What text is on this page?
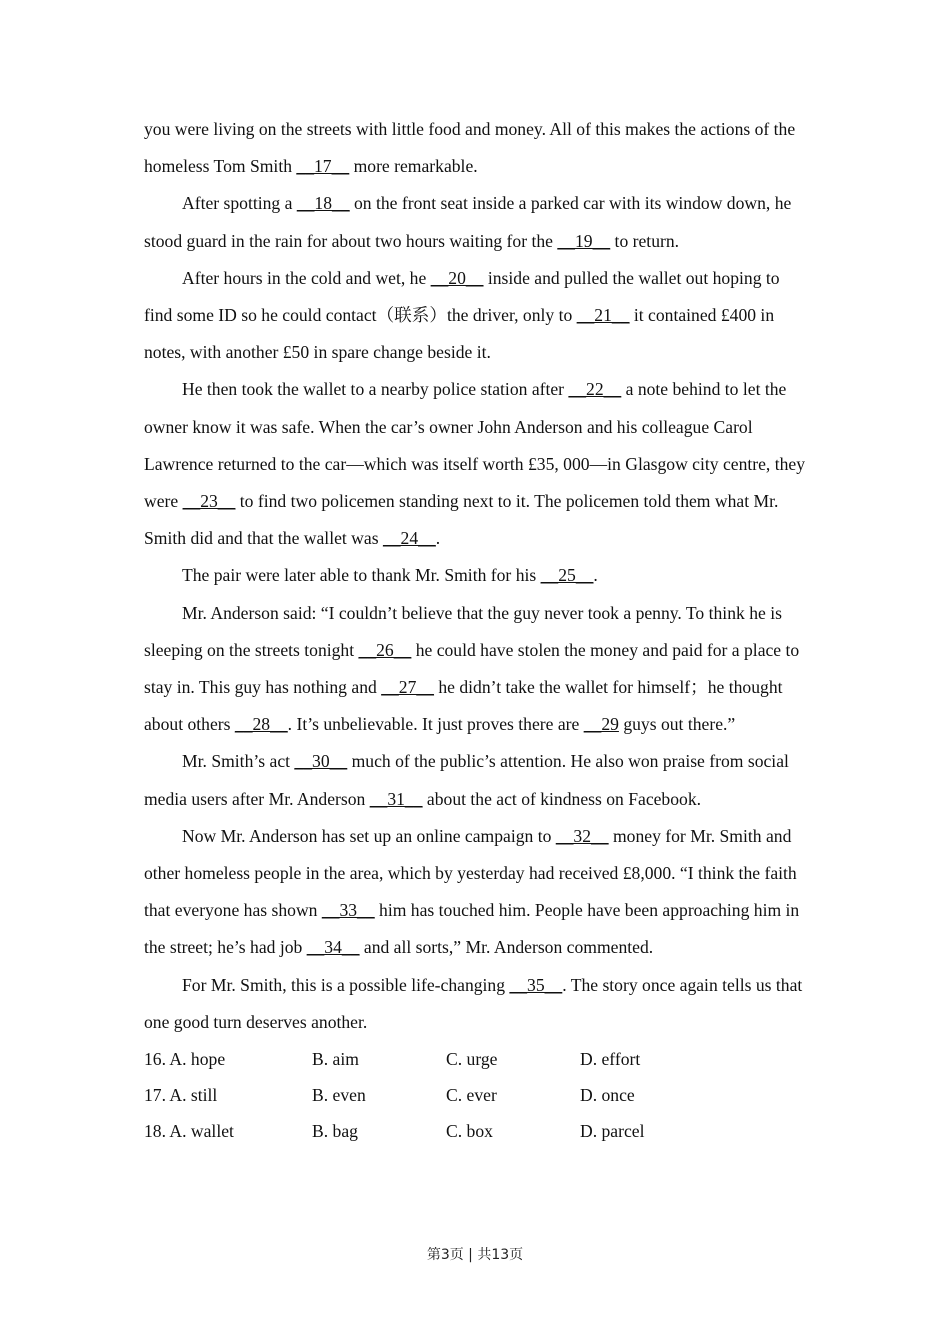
you were living on the streets with little food and money. All of this makes the actions of the homeless Tom Smith __17__ more remarkable.

After spotting a __18__ on the front seat inside a parked car with its window down, he stood guard in the rain for about two hours waiting for the __19__ to return.

After hours in the cold and wet, he __20__ inside and pulled the wallet out hoping to find some ID so he could contact（联系）the driver, only to __21__ it contained £400 in notes, with another £50 in spare change beside it.

He then took the wallet to a nearby police station after __22__ a note behind to let the owner know it was safe. When the car’s owner John Anderson and his colleague Carol Lawrence returned to the car—which was itself worth £35, 000—in Glasgow city centre, they were __23__ to find two policemen standing next to it. The policemen told them what Mr. Smith did and that the wallet was __24__.

The pair were later able to thank Mr. Smith for his __25__.

Mr. Anderson said: “I couldn’t believe that the guy never took a penny. To think he is sleeping on the streets tonight __26__ he could have stolen the money and paid for a place to stay in. This guy has nothing and __27__ he didn’t take the wallet for himself；he thought about others __28__. It’s unbelievable. It just proves there are __29 guys out there.”

Mr. Smith’s act __30__ much of the public’s attention. He also won praise from social media users after Mr. Anderson __31__ about the act of kindness on Facebook.

Now Mr. Anderson has set up an online campaign to __32__ money for Mr. Smith and other homeless people in the area, which by yesterday had received £8,000. “I think the faith that everyone has shown __33__ him has touched him. People have been approaching him in the street; he’s had job __34__ and all sorts,” Mr. Anderson commented.

For Mr. Smith, this is a possible life-changing __35__. The story once again tells us that one good turn deserves another.

16. A. hope	B. aim	C. urge	D. effort
17. A. still	B. even	C. ever	D. once
18. A. wallet	B. bag	C. box	D. parcel
第3页 | 共13页
